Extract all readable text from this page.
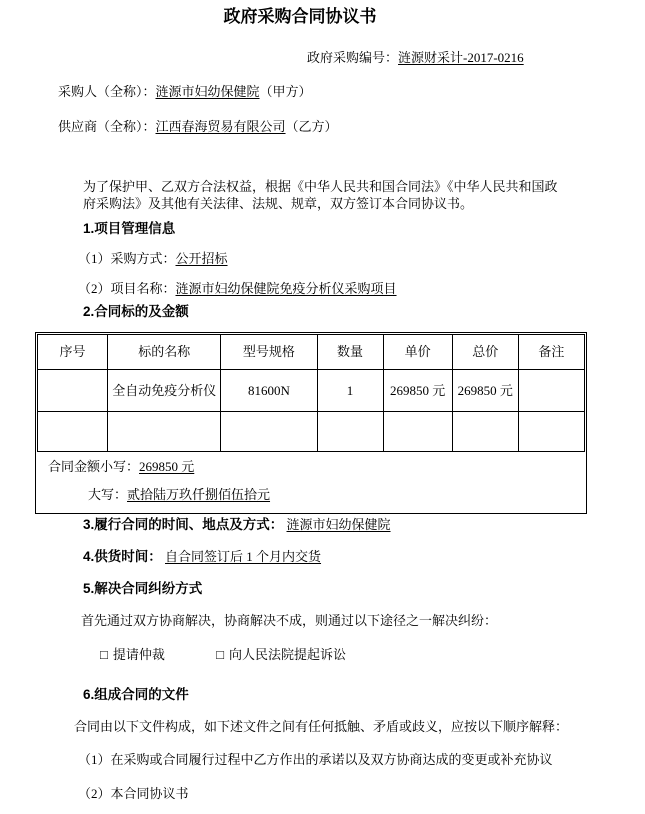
政府采购合同协议书
政府采购编号：涟源财采计-2017-0216
采购人（全称）：涟源市妇幼保健院（甲方）
供应商（全称）：江西春海贸易有限公司（乙方）
为了保护甲、乙双方合法权益，根据《中华人民共和国合同法》《中华人民共和国政府采购法》及其他有关法律、法规、规章，双方签订本合同协议书。
1.项目管理信息
（1）采购方式：公开招标
（2）项目名称：涟源市妇幼保健院免疫分析仪采购项目
2.合同标的及金额
序号	标的名称	型号规格	数量	单价	总价	备注
	全自动免疫分析仪	81600N	1	269850 元	269850 元	

合同金额小写：269850 元
大写：贰拾陆万玖仟捌佰伍拾元
3.履行合同的时间、地点及方式： 涟源市妇幼保健院
4.供货时间： 自合同签订后 1 个月内交货
5.解决合同纠纷方式
首先通过双方协商解决，协商解决不成，则通过以下途径之一解决纠纷：
□ 提请仲裁	□ 向人民法院提起诉讼
6.组成合同的文件
合同由以下文件构成，如下述文件之间有任何抵触、矛盾或歧义，应按以下顺序解释：
（1）在采购或合同履行过程中乙方作出的承诺以及双方协商达成的变更或补充协议
（2）本合同协议书
